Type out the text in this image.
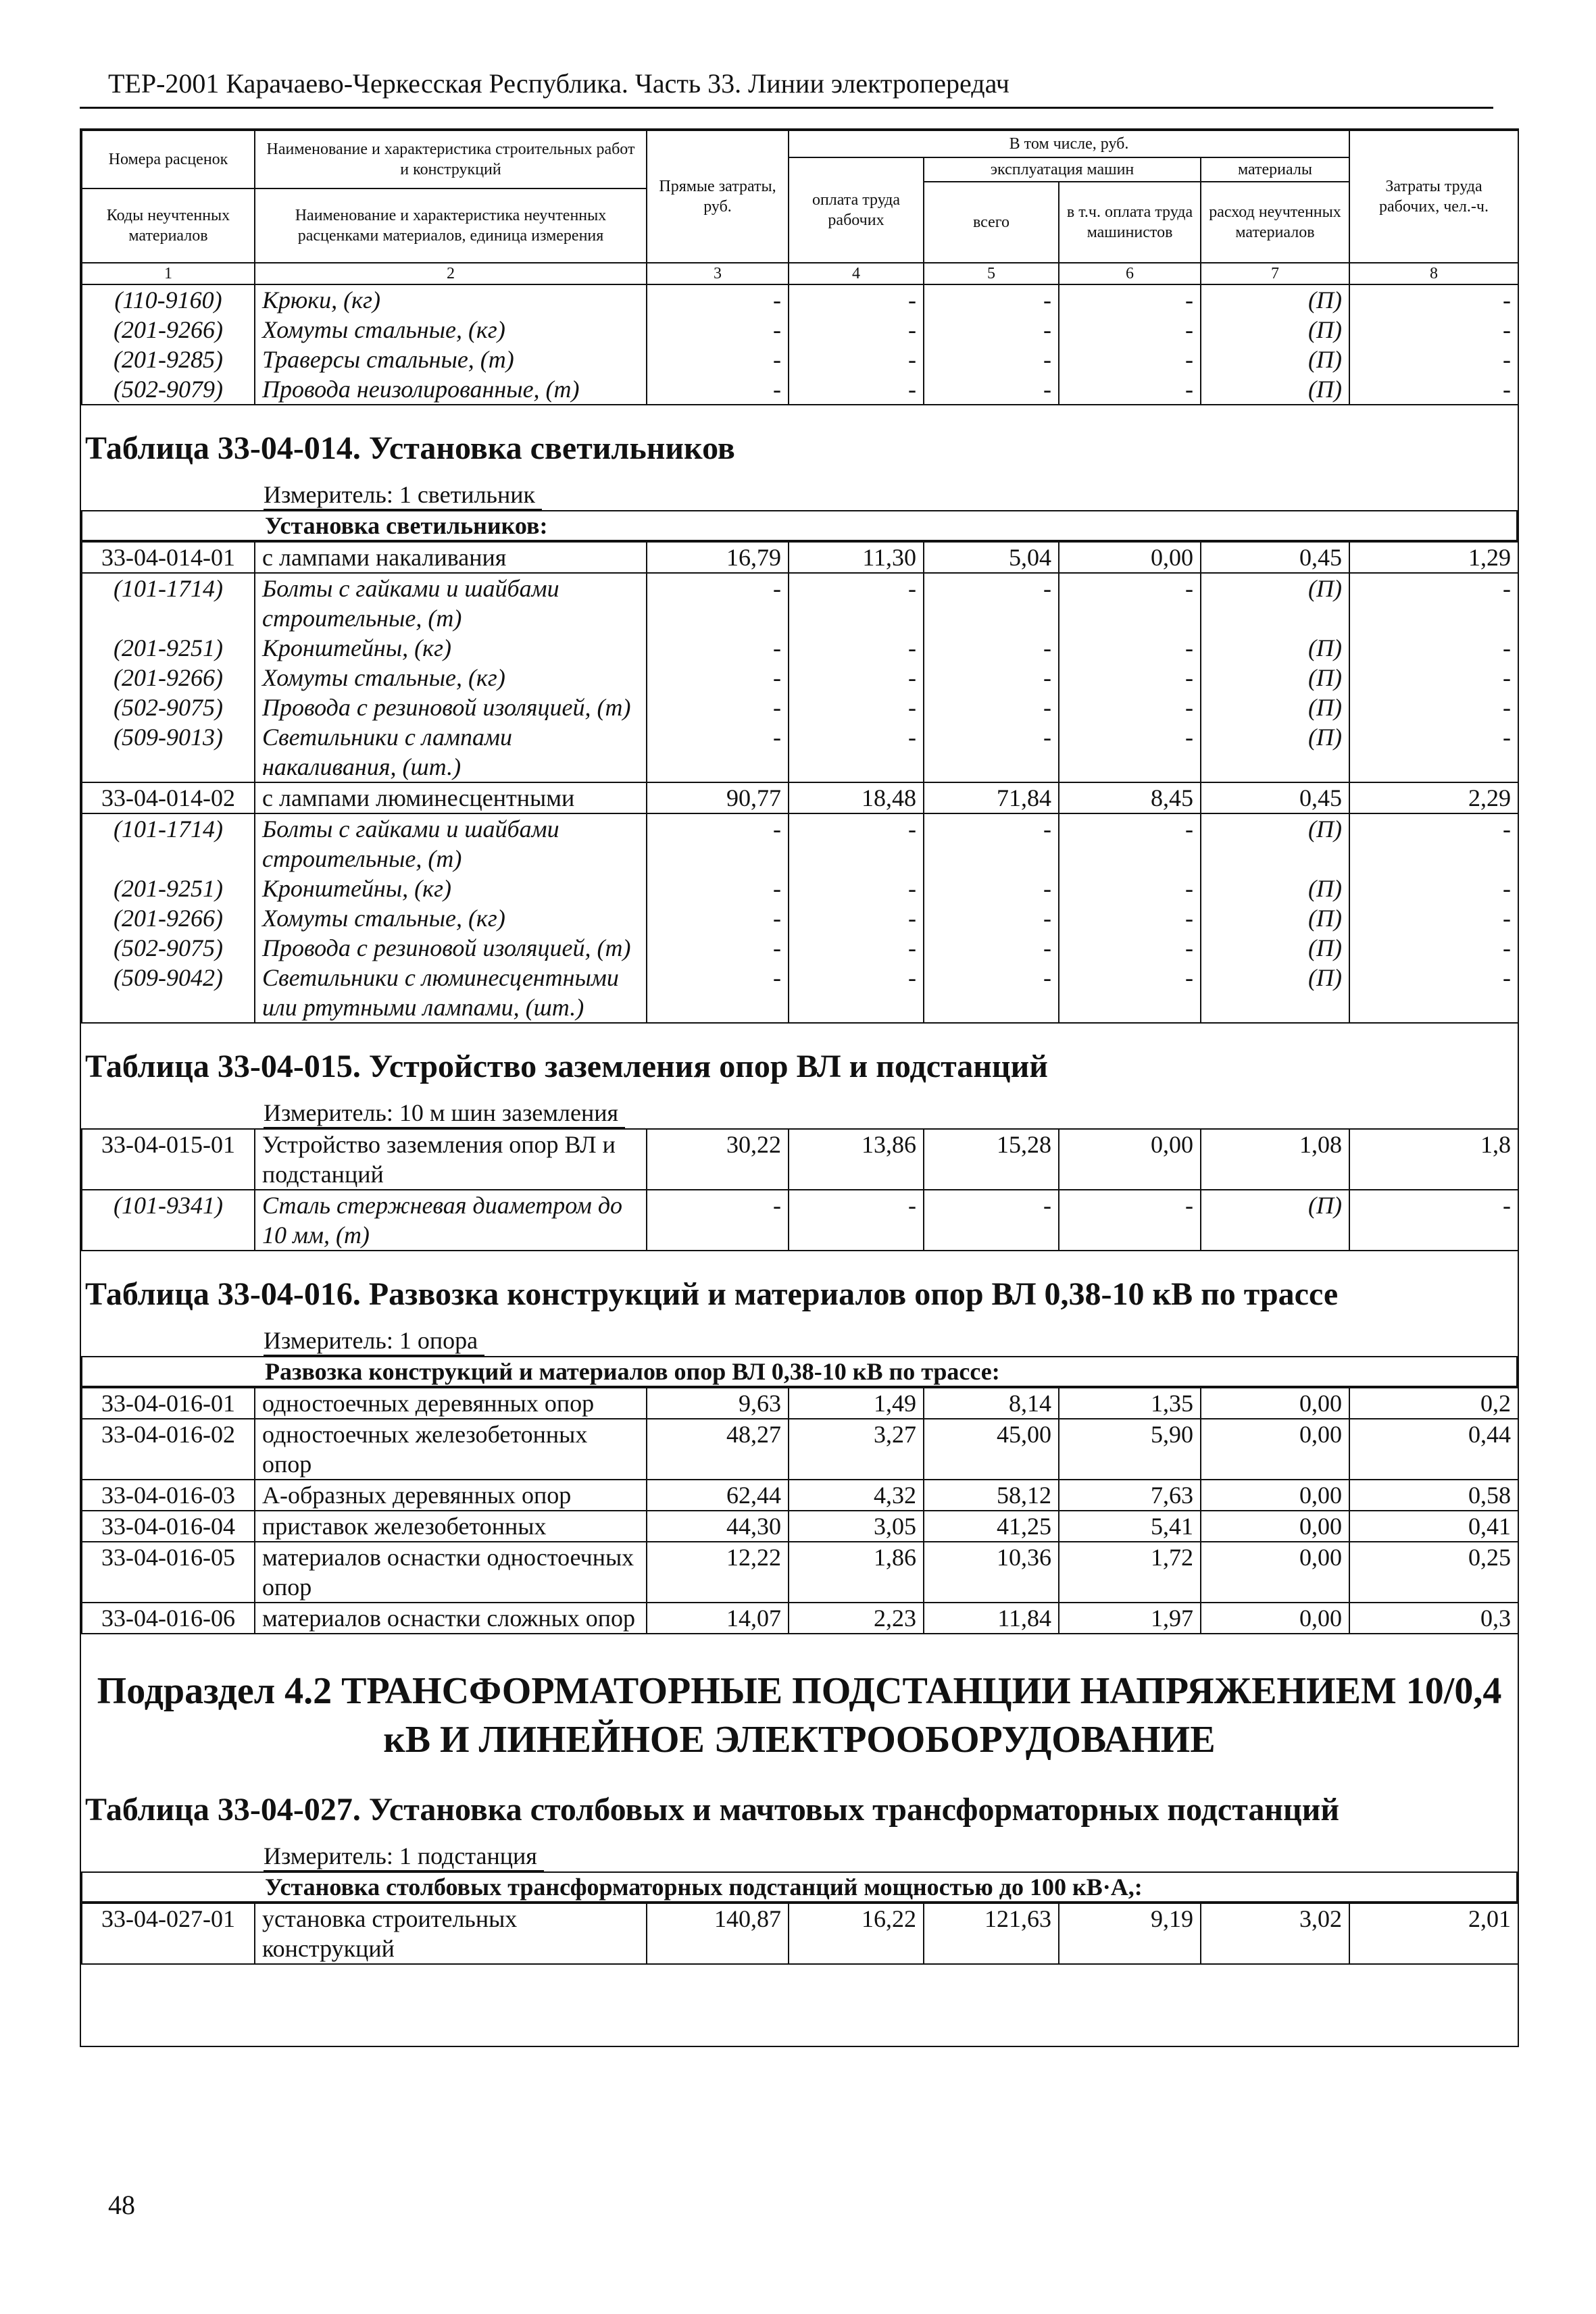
ТЕР-2001 Карачаево-Черкесская Республика. Часть 33. Линии электропередач
Номера расценок	Наименование и характеристика строительных работ и конструкций	Прямые затраты, руб.	В том числе, руб.				Затраты труда рабочих, чел.-ч.
			оплата труда рабочих	эксплуатация машин		материалы	
				всего	в т.ч. оплата труда машинистов	расход неучтенных материалов	
Коды неучтенных материалов	Наименование и характеристика неучтенных расценками материалов, единица измерения						

1	2	3	4	5	6	7	8
(110-9160)	Крюки, (кг)	-	-	-	-	(П)	-
(201-9266)	Хомуты стальные, (кг)	-	-	-	-	(П)	-
(201-9285)	Траверсы стальные, (т)	-	-	-	-	(П)	-
(502-9079)	Провода неизолированные, (т)	-	-	-	-	(П)	-
Таблица 33-04-014. Установка светильников
Измеритель: 1 светильник
Установка светильников:
33-04-014-01	с лампами накаливания	16,79	11,30	5,04	0,00	0,45	1,29
(101-1714)	Болты с гайками и шайбами строительные, (т)	-	-	-	-	(П)	-
(201-9251)	Кронштейны, (кг)	-	-	-	-	(П)	-
(201-9266)	Хомуты стальные, (кг)	-	-	-	-	(П)	-
(502-9075)	Провода с резиновой изоляцией, (т)	-	-	-	-	(П)	-
(509-9013)	Светильники с лампами накаливания, (шт.)	-	-	-	-	(П)	-
33-04-014-02	с лампами люминесцентными	90,77	18,48	71,84	8,45	0,45	2,29
(101-1714)	Болты с гайками и шайбами строительные, (т)	-	-	-	-	(П)	-
(201-9251)	Кронштейны, (кг)	-	-	-	-	(П)	-
(201-9266)	Хомуты стальные, (кг)	-	-	-	-	(П)	-
(502-9075)	Провода с резиновой изоляцией, (т)	-	-	-	-	(П)	-
(509-9042)	Светильники с люминесцентными или ртутными лампами, (шт.)	-	-	-	-	(П)	-
Таблица 33-04-015. Устройство заземления опор ВЛ и подстанций
Измеритель: 10 м шин заземления
33-04-015-01	Устройство заземления опор ВЛ и подстанций	30,22	13,86	15,28	0,00	1,08	1,8
(101-9341)	Сталь стержневая диаметром до 10 мм, (т)	-	-	-	-	(П)	-
Таблица 33-04-016. Развозка конструкций и материалов опор ВЛ 0,38-10 кВ по трассе
Измеритель: 1 опора
Развозка конструкций и материалов опор ВЛ 0,38-10 кВ по трассе:
33-04-016-01	одностоечных деревянных опор	9,63	1,49	8,14	1,35	0,00	0,2
33-04-016-02	одностоечных железобетонных опор	48,27	3,27	45,00	5,90	0,00	0,44
33-04-016-03	А-образных деревянных опор	62,44	4,32	58,12	7,63	0,00	0,58
33-04-016-04	приставок железобетонных	44,30	3,05	41,25	5,41	0,00	0,41
33-04-016-05	материалов оснастки одностоечных опор	12,22	1,86	10,36	1,72	0,00	0,25
33-04-016-06	материалов оснастки сложных опор	14,07	2,23	11,84	1,97	0,00	0,3
Подраздел 4.2 ТРАНСФОРМАТОРНЫЕ ПОДСТАНЦИИ НАПРЯЖЕНИЕМ 10/0,4 кВ И ЛИНЕЙНОЕ ЭЛЕКТРООБОРУДОВАНИЕ
Таблица 33-04-027. Установка столбовых и мачтовых трансформаторных подстанций
Измеритель: 1 подстанция
Установка столбовых трансформаторных подстанций мощностью до 100 кВ·А,:
33-04-027-01	установка строительных конструкций	140,87	16,22	121,63	9,19	3,02	2,01
48
